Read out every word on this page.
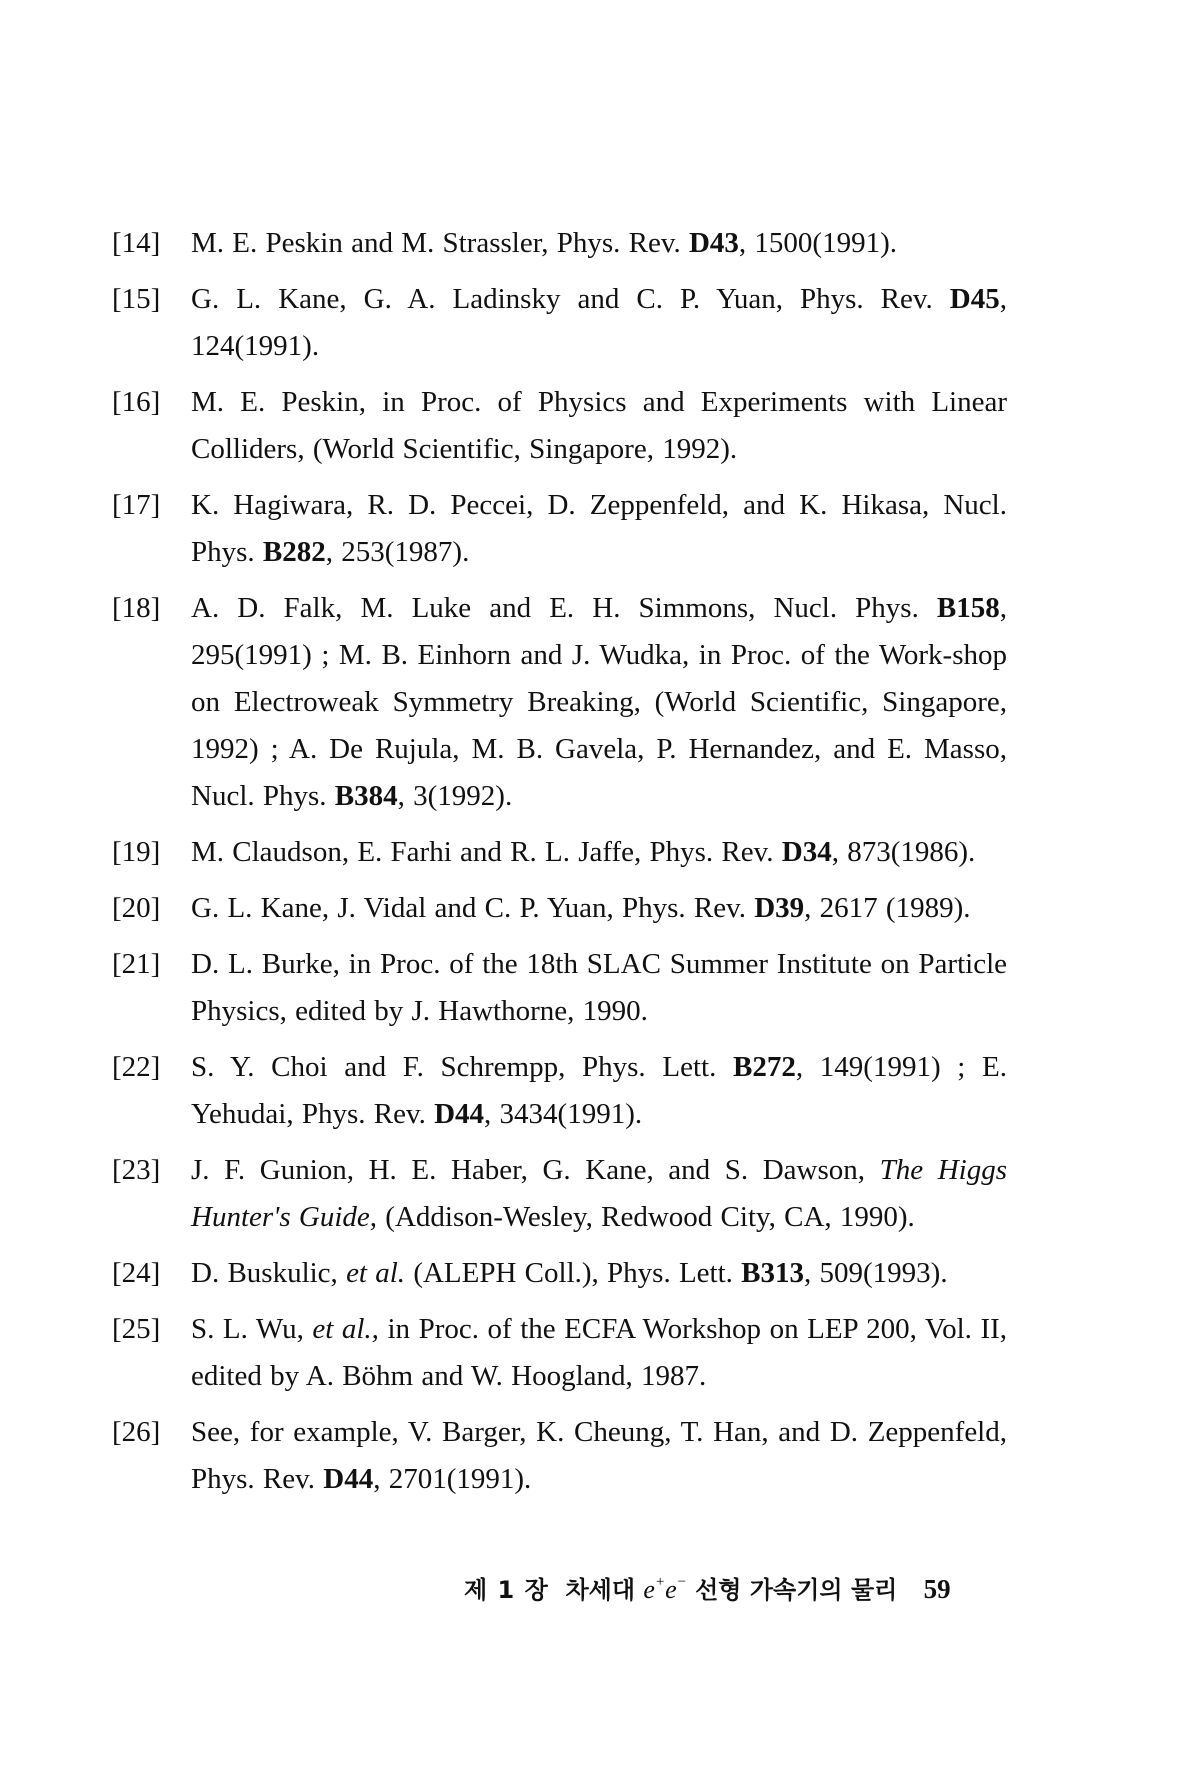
[14]	M. E. Peskin and M. Strassler, Phys. Rev. D43, 1500(1991).
[15]	G. L. Kane, G. A. Ladinsky and C. P. Yuan, Phys. Rev. D45, 124(1991).
[16]	M. E. Peskin, in Proc. of Physics and Experiments with Linear Colliders, (World Scientific, Singapore, 1992).
[17]	K. Hagiwara, R. D. Peccei, D. Zeppenfeld, and K. Hikasa, Nucl. Phys. B282, 253(1987).
[18]	A. D. Falk, M. Luke and E. H. Simmons, Nucl. Phys. B158, 295(1991) ; M. B. Einhorn and J. Wudka, in Proc. of the Work-shop on Electroweak Symmetry Breaking, (World Scientific, Singapore, 1992) ; A. De Rujula, M. B. Gavela, P. Hernandez, and E. Masso, Nucl. Phys. B384, 3(1992).
[19]	M. Claudson, E. Farhi and R. L. Jaffe, Phys. Rev. D34, 873(1986).
[20]	G. L. Kane, J. Vidal and C. P. Yuan, Phys. Rev. D39, 2617 (1989).
[21]	D. L. Burke, in Proc. of the 18th SLAC Summer Institute on Particle Physics, edited by J. Hawthorne, 1990.
[22]	S. Y. Choi and F. Schrempp, Phys. Lett. B272, 149(1991) ; E. Yehudai, Phys. Rev. D44, 3434(1991).
[23]	J. F. Gunion, H. E. Haber, G. Kane, and S. Dawson, The Higgs Hunter's Guide, (Addison-Wesley, Redwood City, CA, 1990).
[24]	D. Buskulic, et al. (ALEPH Coll.), Phys. Lett. B313, 509(1993).
[25]	S. L. Wu, et al., in Proc. of the ECFA Workshop on LEP 200, Vol. II, edited by A. Böhm and W. Hoogland, 1987.
[26]	See, for example, V. Barger, K. Cheung, T. Han, and D. Zeppenfeld, Phys. Rev. D44, 2701(1991).
제 1 장 차세대 e+e− 선형 가속기의 물리 59
